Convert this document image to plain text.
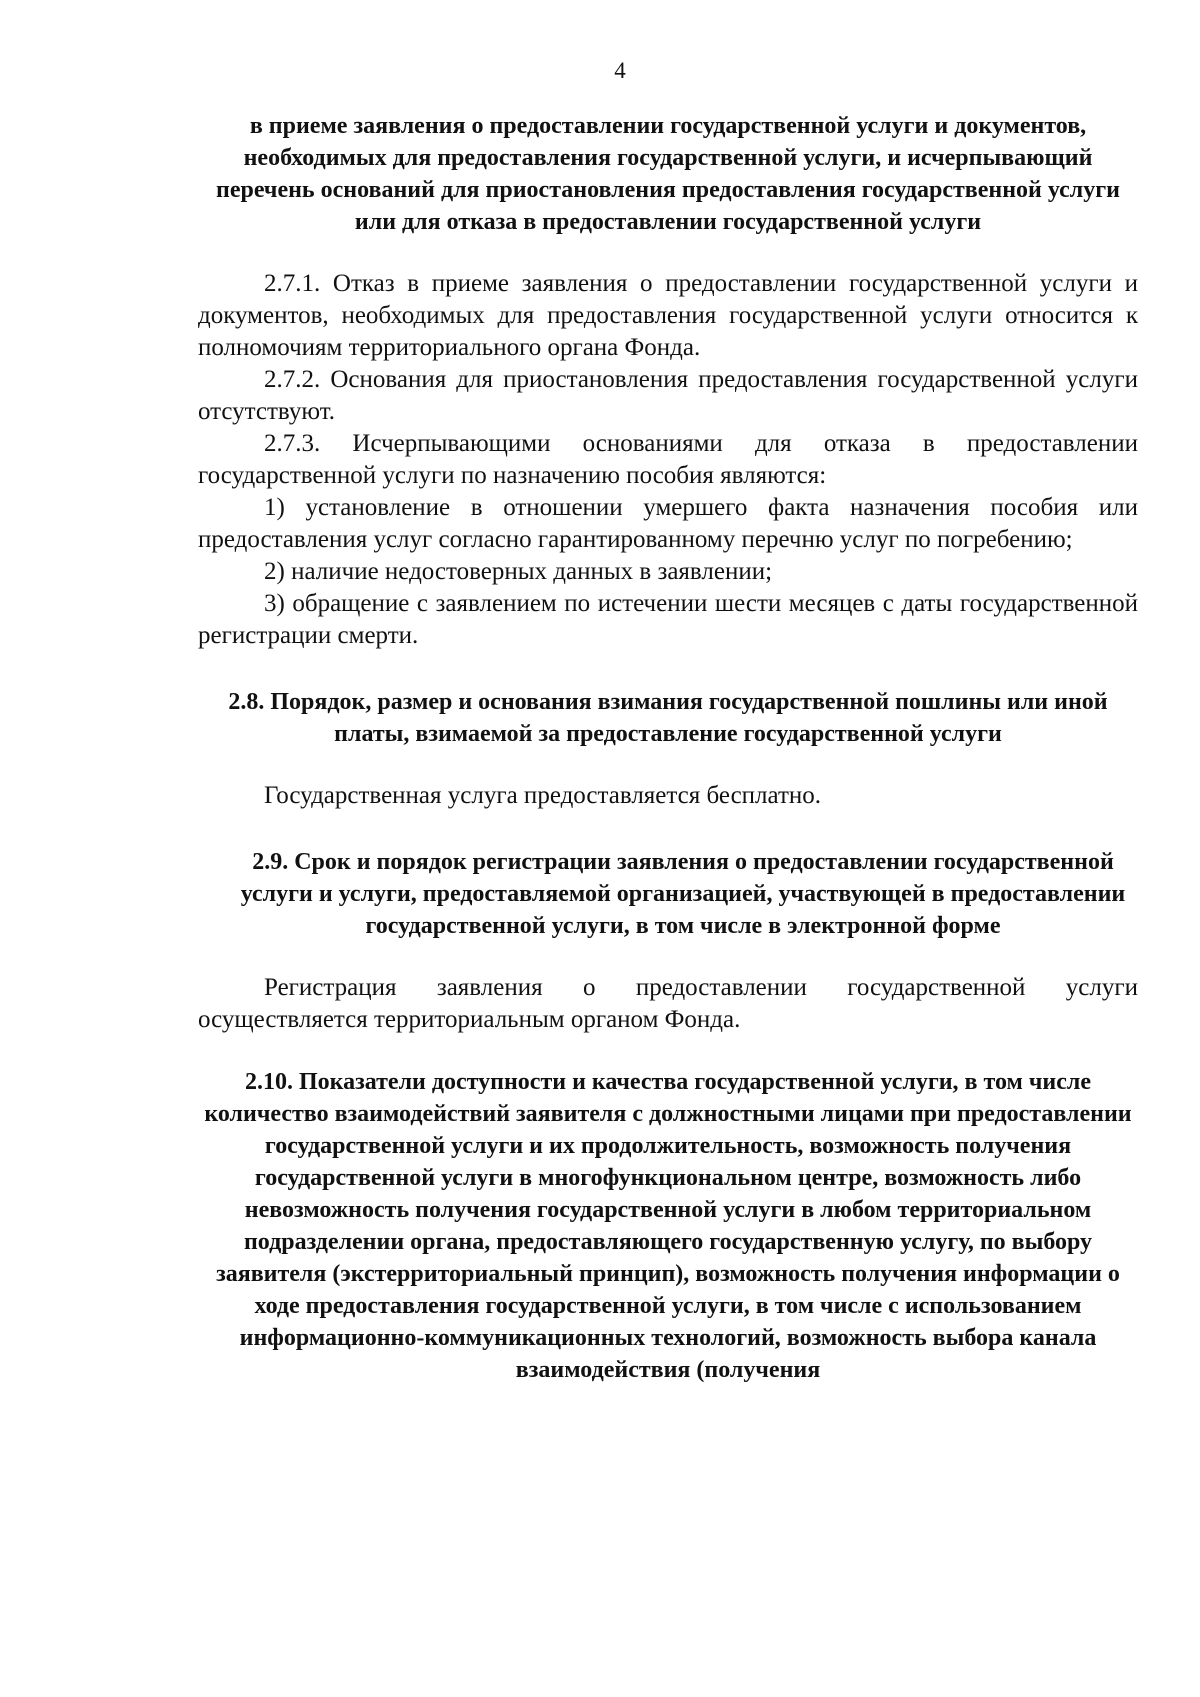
4
в приеме заявления о предоставлении государственной услуги и документов, необходимых для предоставления государственной услуги, и исчерпывающий перечень оснований для приостановления предоставления государственной услуги или для отказа в предоставлении государственной услуги

2.7.1. Отказ в приеме заявления о предоставлении государственной услуги и документов, необходимых для предоставления государственной услуги относится к полномочиям территориального органа Фонда.

2.7.2. Основания для приостановления предоставления государственной услуги отсутствуют.

2.7.3. Исчерпывающими основаниями для отказа в предоставлении государственной услуги по назначению пособия являются:

1) установление в отношении умершего факта назначения пособия или предоставления услуг согласно гарантированному перечню услуг по погребению;

2) наличие недостоверных данных в заявлении;

3) обращение с заявлением по истечении шести месяцев с даты государственной регистрации смерти.

2.8. Порядок, размер и основания взимания государственной пошлины или иной платы, взимаемой за предоставление государственной услуги

Государственная услуга предоставляется бесплатно.

2.9. Срок и порядок регистрации заявления о предоставлении государственной услуги и услуги, предоставляемой организацией, участвующей в предоставлении государственной услуги, в том числе в электронной форме

Регистрация заявления о предоставлении государственной услуги осуществляется территориальным органом Фонда.

2.10. Показатели доступности и качества государственной услуги, в том числе количество взаимодействий заявителя с должностными лицами при предоставлении государственной услуги и их продолжительность, возможность получения государственной услуги в многофункциональном центре, возможность либо невозможность получения государственной услуги в любом территориальном подразделении органа, предоставляющего государственную услугу, по выбору заявителя (экстерриториальный принцип), возможность получения информации о ходе предоставления государственной услуги, в том числе с использованием информационно-коммуникационных технологий, возможность выбора канала взаимодействия (получения
